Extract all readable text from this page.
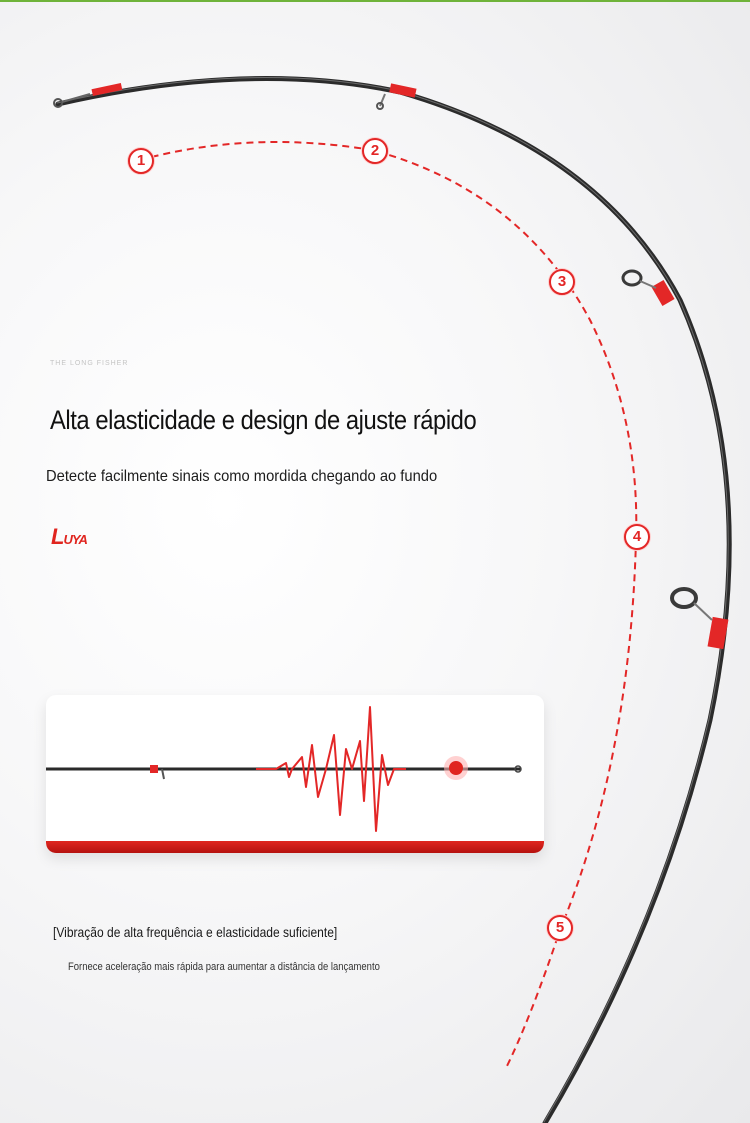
1
2
3
4
5
THE LONG FISHER
Alta elasticidade e design de ajuste rápido
Detecte facilmente sinais como mordida chegando ao fundo
LUYA
[Vibração de alta frequência e elasticidade suficiente]
Fornece aceleração mais rápida para aumentar a distância de lançamento
